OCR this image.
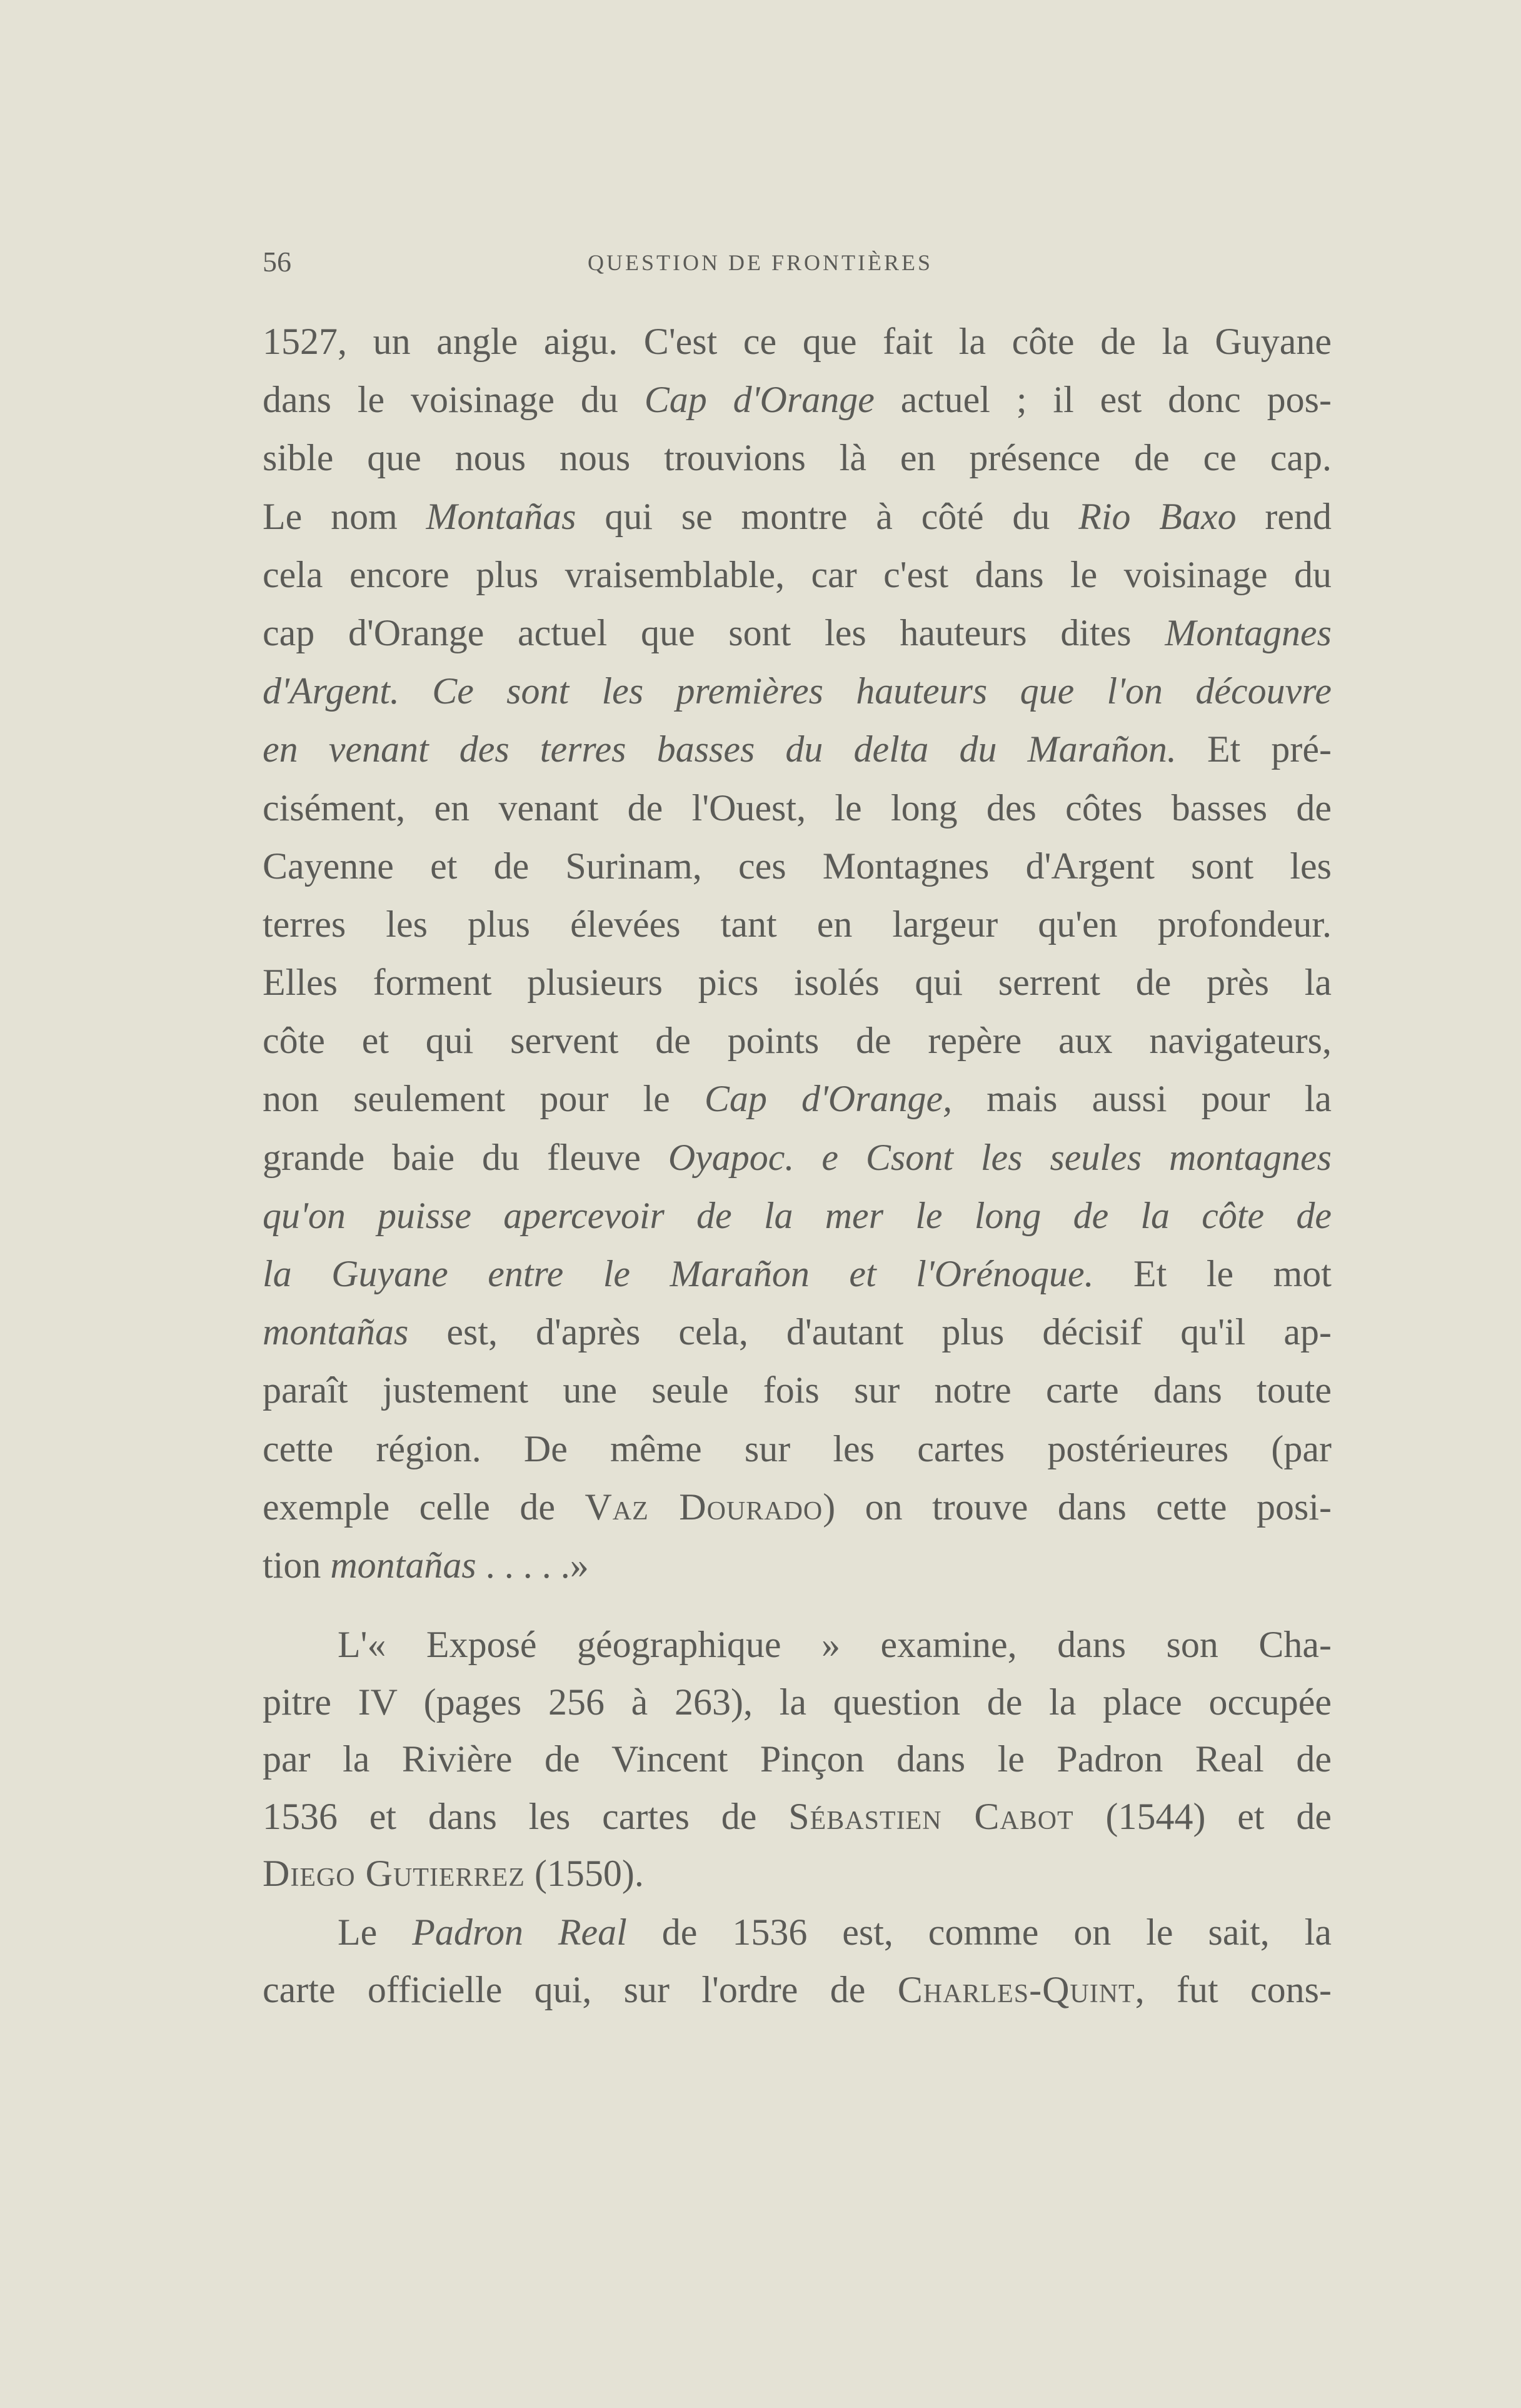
56	QUESTION DE FRONTIÈRES
1527, un angle aigu. C'est ce que fait la côte de la Guyane
dans le voisinage du Cap d'Orange actuel ; il est donc pos-
sible que nous nous trouvions là en présence de ce cap.
Le nom Montañas qui se montre à côté du Rio Baxo rend
cela encore plus vraisemblable, car c'est dans le voisinage du
cap d'Orange actuel que sont les hauteurs dites Montagnes
d'Argent. Ce sont les premières hauteurs que l'on découvre
en venant des terres basses du delta du Marañon. Et pré-
cisément, en venant de l'Ouest, le long des côtes basses de
Cayenne et de Surinam, ces Montagnes d'Argent sont les
terres les plus élevées tant en largeur qu'en profondeur.
Elles forment plusieurs pics isolés qui serrent de près la
côte et qui servent de points de repère aux navigateurs,
non seulement pour le Cap d'Orange, mais aussi pour la
grande baie du fleuve Oyapoc. e Csont les seules montagnes
qu'on puisse apercevoir de la mer le long de la côte de
la Guyane entre le Marañon et l'Orénoque. Et le mot
montañas est, d'après cela, d'autant plus décisif qu'il ap-
paraît justement une seule fois sur notre carte dans toute
cette région. De même sur les cartes postérieures (par
exemple celle de Vaz Dourado) on trouve dans cette posi-
tion montañas . . . . .»
L'« Exposé géographique » examine, dans son Cha-
pitre IV (pages 256 à 263), la question de la place occupée
par la Rivière de Vincent Pinçon dans le Padron Real de
1536 et dans les cartes de Sébastien Cabot (1544) et de
Diego Gutierrez (1550).
Le Padron Real de 1536 est, comme on le sait, la
carte officielle qui, sur l'ordre de Charles-Quint, fut cons-
